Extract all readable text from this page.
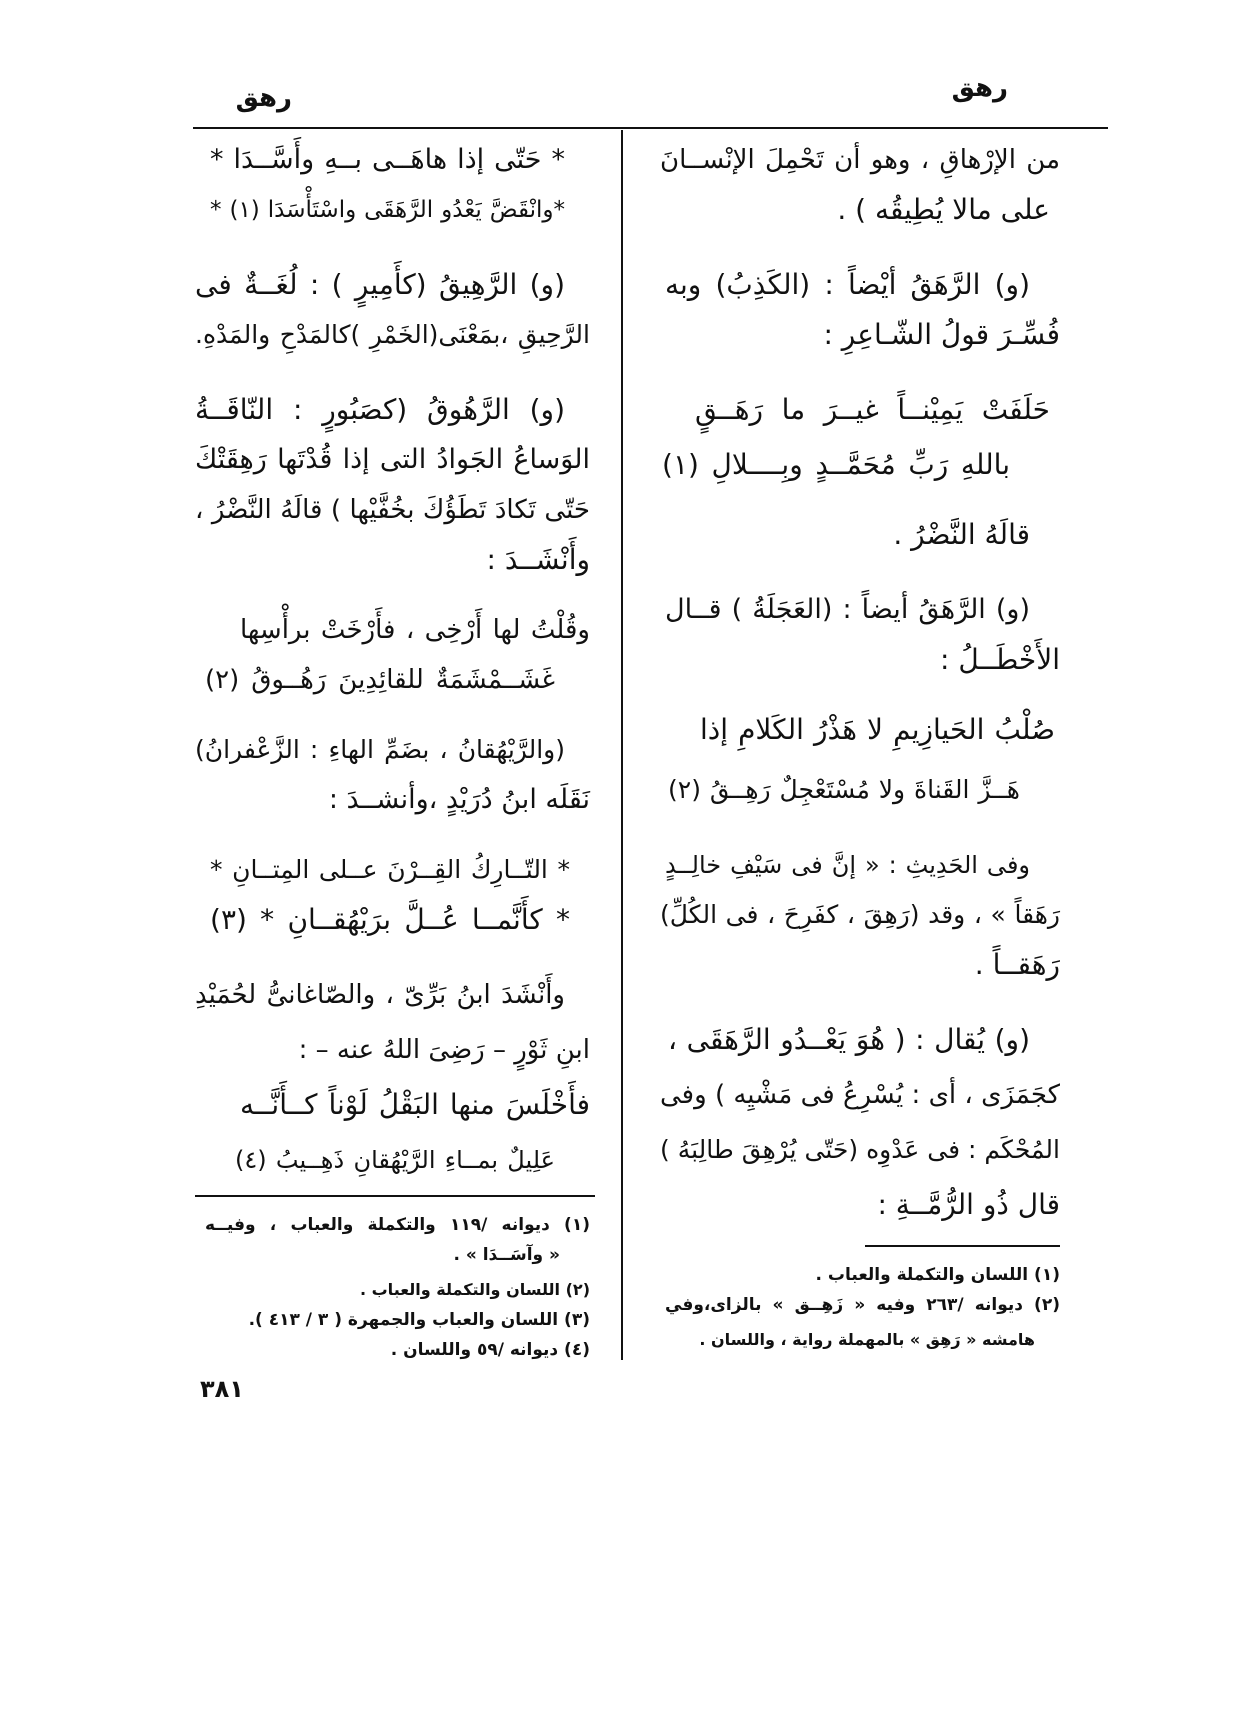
رهق
رهق
من الإرْهاقِ ، وهو أن تَحْمِلَ الإنْســانَ
على مالا يُطِيقُه ) .
(و) الرَّهَقُ أيْضاً : (الكَذِبُ) وبه
فُسِّـرَ قولُ الشّـاعِرِ :
حَلَفَتْ يَمِيْنــاً غيــرَ ما رَهَــقٍ
باللهِ رَبِّ مُحَمَّــدٍ وبِــــلالِ (١)
قالَهُ النَّضْرُ .
(و) الرَّهَقُ أيضاً : (العَجَلَةُ ) قــال
الأَخْطَــلُ :
صُلْبُ الحَيازِيمِ لا هَذْرُ الكَلامِ إذا
هَــزَّ القَناةَ ولا مُسْتَعْجِلٌ رَهِــقُ (٢)
وفى الحَدِيثِ : « إنَّ فى سَيْفِ خالِــدٍ
رَهَقاً » ، وقد (رَهِقَ ، كفَرِحَ ، فى الكُلِّ)
رَهَقــاً .
(و) يُقال : ( هُوَ يَعْــدُو الرَّهَقَى ،
كجَمَزَى ، أى : يُسْرِعُ فى مَشْيِه ) وفى
المُحْكَم : فى عَدْوِه (حَتّى يُرْهِقَ طالِبَهُ )
قال ذُو الرُّمَّــةِ :
(١) اللسان والتكملة والعباب .
(٢) ديوانه /٢٦٣ وفيه « زَهِــق » بالزاى،وفي
هامشه « رَهِق » بالمهملة رواية ، واللسان .
* حَتّى إذا هاهَــى بــهِ وأَسَّــدَا *
*وانْقَضَّ يَعْدُو الرَّهَقَى واسْتَأْسَدَا (١) *
(و) الرَّهِيقُ (كأَمِيرٍ ) : لُغَــةٌ فى
الرَّحِيقِ ،بمَعْنَى(الخَمْرِ )كالمَدْحِ والمَدْهِ.
(و) الرَّهُوقُ (كصَبُورٍ : النّاقَــةُ
الوَساعُ الجَوادُ التى إذا قُدْتَها رَهِقَتْكَ
حَتّى تَكادَ تَطَؤُكَ بخُفَّيْها ) قالَهُ النَّضْرُ ،
وأَنْشَــدَ :
وقُلْتُ لها أَرْخِى ، فأَرْخَتْ برأْسِها
غَشَــمْشَمَةٌ للقائِدِينَ رَهُــوقُ (٢)
(والرَّيْهُقانُ ، بضَمِّ الهاءِ : الزَّعْفرانُ)
نَقَلَه ابنُ دُرَيْدٍ ،وأنشــدَ :
* التّــارِكُ القِــرْنَ عــلى المِتــانِ *
* كأَنَّمــا عُــلَّ برَيْهُقــانِ * (٣)
وأَنْشَدَ ابنُ بَرِّىّ ، والصّاغانىُّ لحُمَيْدِ
ابنِ ثَوْرٍ – رَضِىَ اللهُ عنه – :
فأَخْلَسَ منها البَقْلُ لَوْناً كــأَنَّــه
عَلِيلٌ بمــاءِ الرَّيْهُقانِ ذَهِــيبُ (٤)
(١) ديوانه /١١٩ والتكملة والعباب ، وفيــه
« وآسَــدَا » .
(٢) اللسان والتكملة والعباب .
(٣) اللسان والعباب والجمهرة ( ٣ / ٤١٣ ).
(٤) ديوانه /٥٩ واللسان .
٣٨١
